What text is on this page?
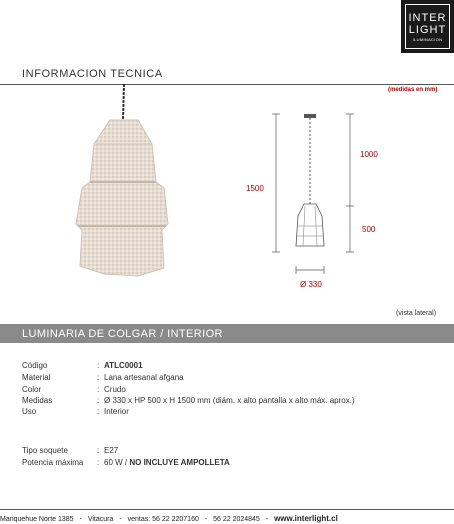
INTER
LIGHT
ILUMINACION
INFORMACION TECNICA
(medidas en mm)
1500
1000
500
Ø 330
(vista lateral)
LUMINARIA DE COLGAR / INTERIOR
Código	: ATLC0001
Material	: Lana artesanal afgana
Color	: Crudo
Medidas	: Ø 330 x HP 500 x H 1500 mm (diám. x alto pantalla x alto máx. aprox.)
Uso	: Interior
Tipo soquete	: E27
Potencia máxima : 60 W / NO INCLUYE AMPOLLETA
Manquehue Norte 1385 - Vitacura - ventas: 56 22 2207160 - 56 22 2024845 - www.interlight.cl
